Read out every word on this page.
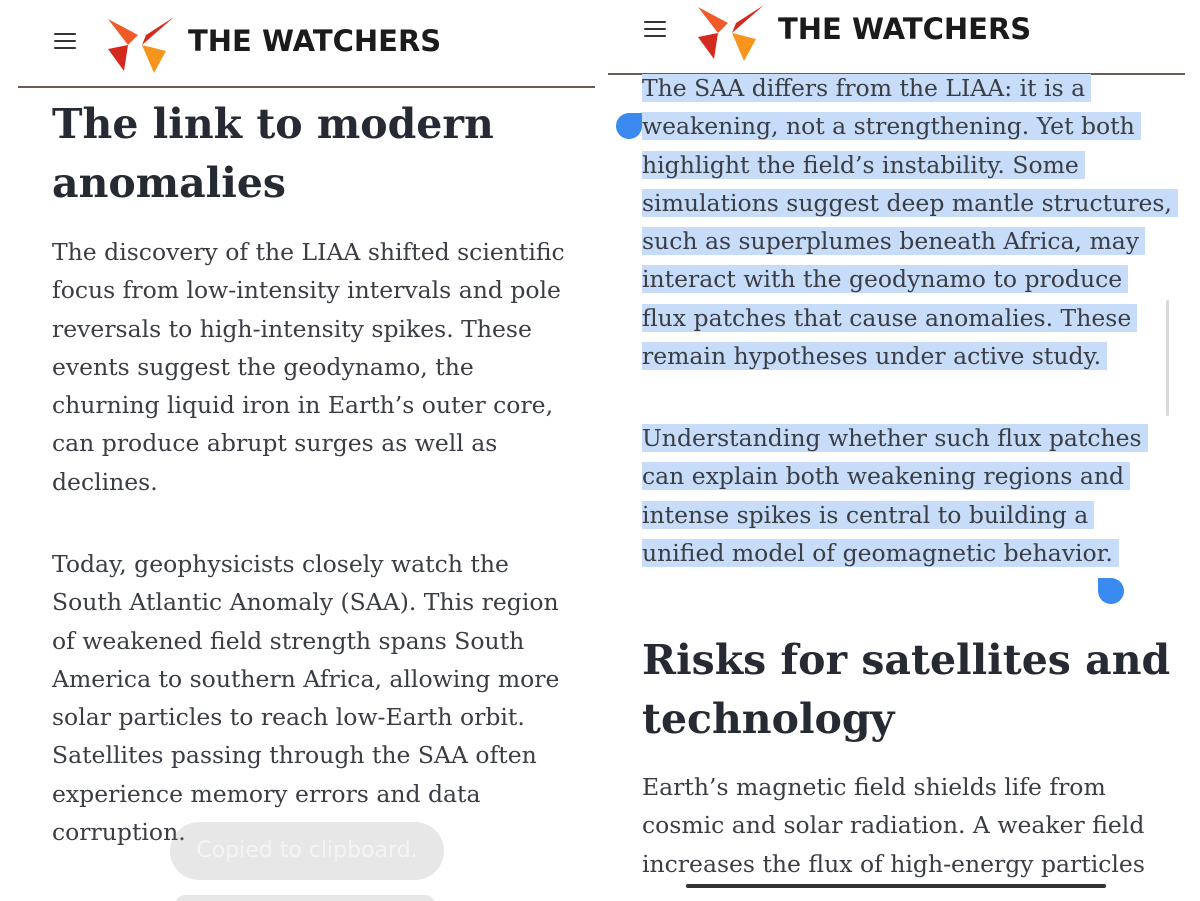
THE WATCHERS
The link to modern
anomalies
The discovery of the LIAA shifted scientific
focus from low-intensity intervals and pole
reversals to high-intensity spikes. These
events suggest the geodynamo, the
churning liquid iron in Earth’s outer core,
can produce abrupt surges as well as
declines.
Today, geophysicists closely watch the
South Atlantic Anomaly (SAA). This region
of weakened field strength spans South
America to southern Africa, allowing more
solar particles to reach low-Earth orbit.
Satellites passing through the SAA often
experience memory errors and data
corruption.
Copied to clipboard.
THE WATCHERS
The SAA differs from the LIAA: it is a
weakening, not a strengthening. Yet both
highlight the field’s instability. Some
simulations suggest deep mantle structures,
such as superplumes beneath Africa, may
interact with the geodynamo to produce
flux patches that cause anomalies. These
remain hypotheses under active study.
Understanding whether such flux patches
can explain both weakening regions and
intense spikes is central to building a
unified model of geomagnetic behavior.
Risks for satellites and
technology
Earth’s magnetic field shields life from
cosmic and solar radiation. A weaker field
increases the flux of high-energy particles
